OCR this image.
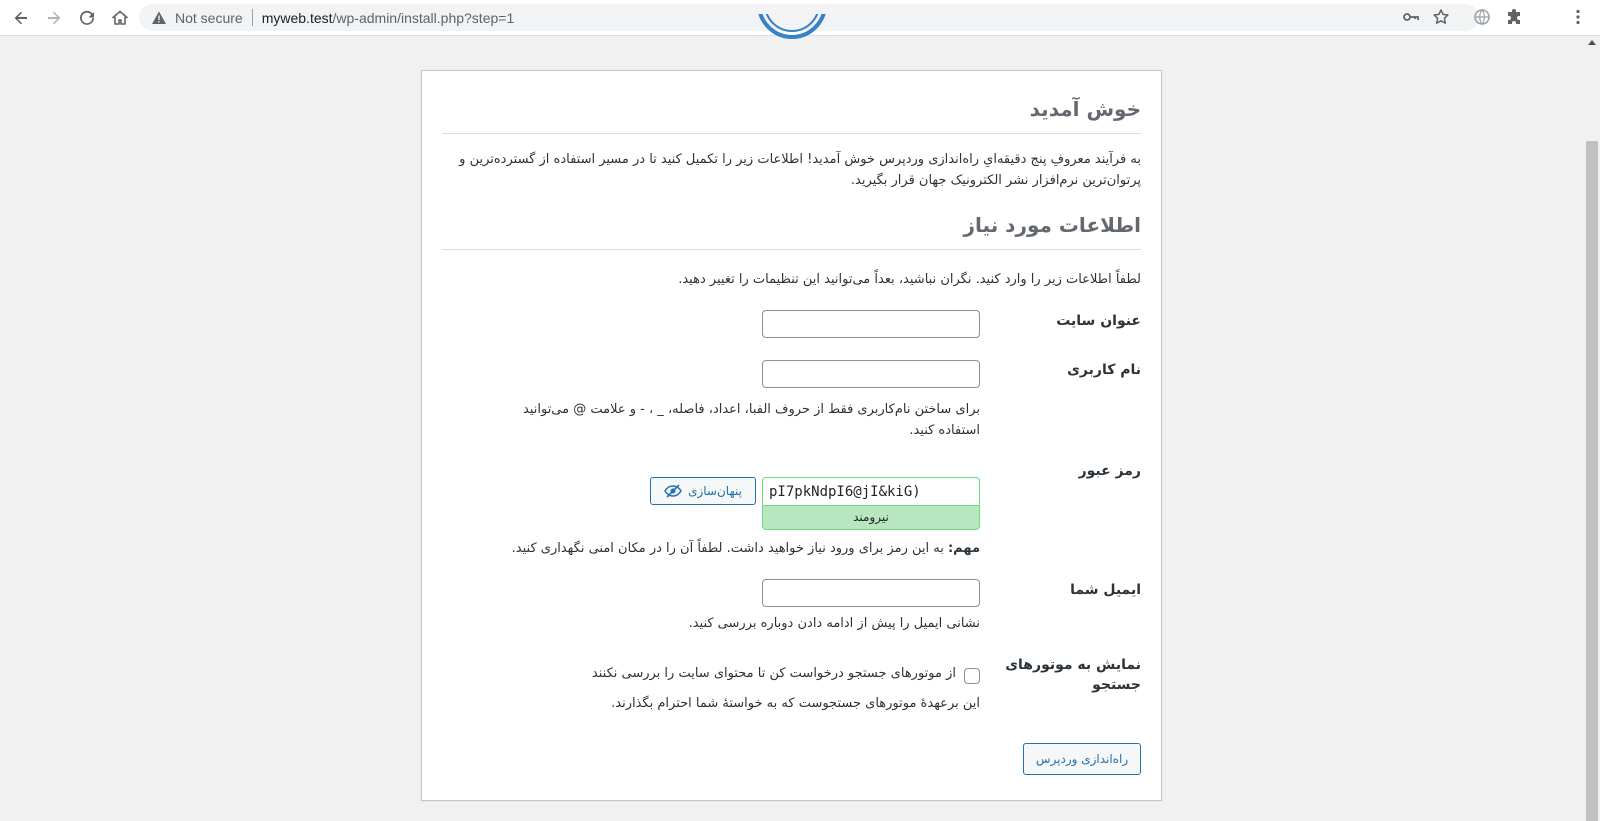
Not secure myweb.test /wp-admin/install.php?step=1
خوش آمدید
به فرآیند معروفِ پنج دقیقه‌ایِ راه‌اندازی وردپرس خوش آمدید! اطلاعات زیر را تکمیل کنید تا در مسیر استفاده از گسترده‌ترین و پرتوان‌ترین نرم‌افزار نشر الکترونیک جهان قرار بگیرید.
اطلاعات مورد نیاز
لطفاً اطلاعات زیر را وارد کنید. نگران نباشید، بعداً می‌توانید این تنظیمات را تغییر دهید.
عنوان سایت
نام کاربری
برای ساختن نام‌کاربری فقط از حروف الفبا، اعداد، فاصله، _ ، - و علامت @ می‌توانید استفاده کنید.
رمز عبور
pI7pkNdpI6@jI&kiG)
پنهان‌سازی
نیرومند
مهم: به این رمز برای ورود نیاز خواهید داشت. لطفاً آن را در مکان امنی نگهداری کنید.
ایمیل شما
نشانی ایمیل را پیش از ادامه دادن دوباره بررسی کنید.
نمایش به موتورهای جستجو
از موتورهای جستجو درخواست کن تا محتوای سایت را بررسی نکنند
این برعهدهٔ موتورهای جستجوست که به خواستهٔ شما احترام بگذارند.
راه‌اندازی وردپرس
